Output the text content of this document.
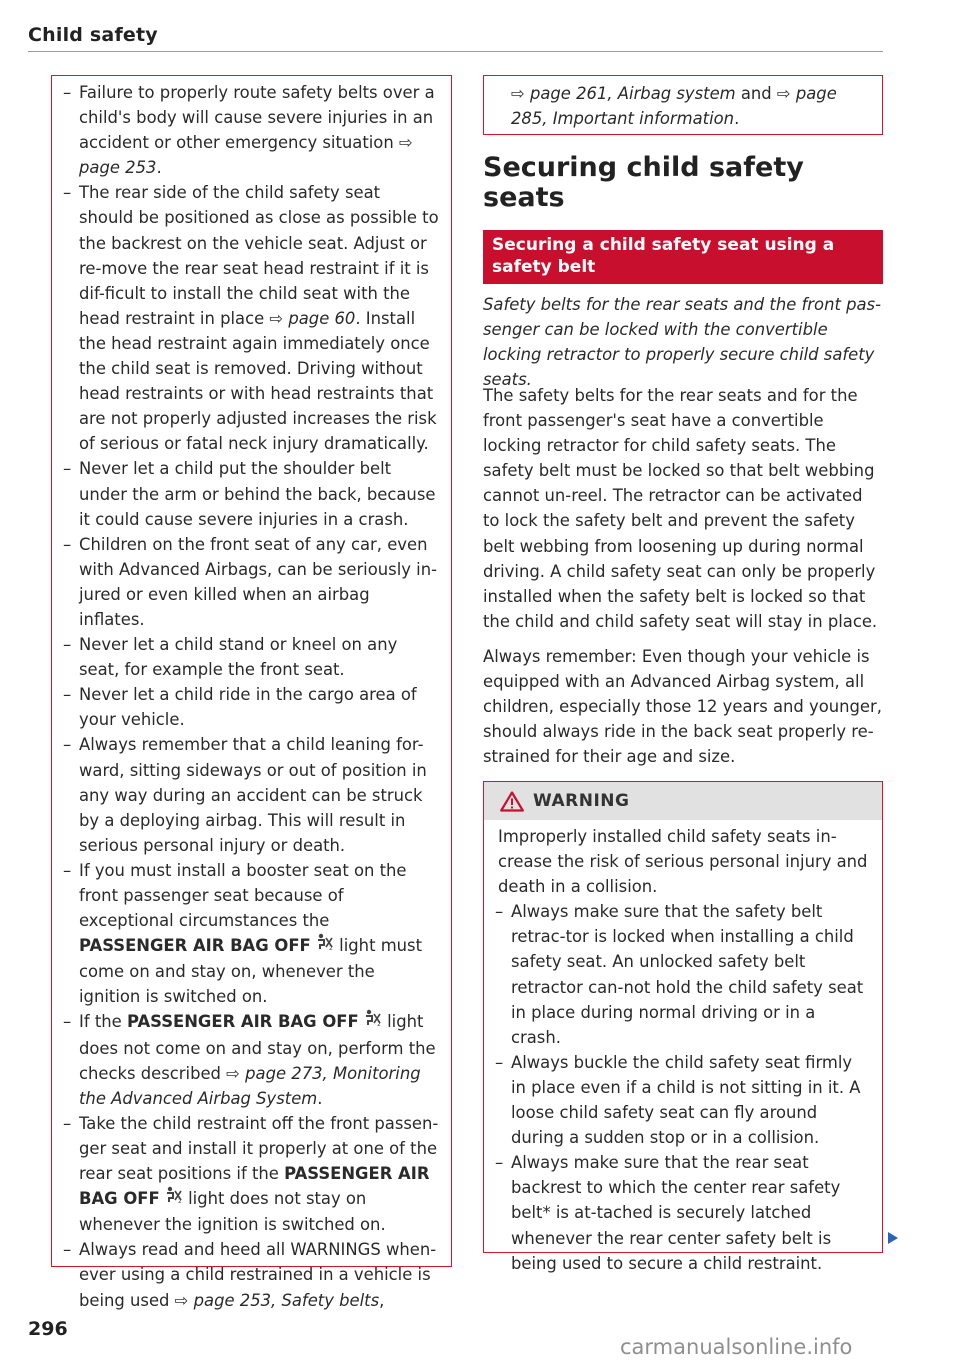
Child safety
– Failure to properly route safety belts over a child's body will cause severe injuries in an accident or other emergency situation ⇨ page 253.
– The rear side of the child safety seat should be positioned as close as possible to the backrest on the vehicle seat. Adjust or re-move the rear seat head restraint if it is dif-ficult to install the child seat with the head restraint in place ⇨ page 60. Install the head restraint again immediately once the child seat is removed. Driving without head restraints or with head restraints that are not properly adjusted increases the risk of serious or fatal neck injury dramatically.
– Never let a child put the shoulder belt under the arm or behind the back, because it could cause severe injuries in a crash.
– Children on the front seat of any car, even with Advanced Airbags, can be seriously in-jured or even killed when an airbag inflates.
– Never let a child stand or kneel on any seat, for example the front seat.
– Never let a child ride in the cargo area of your vehicle.
– Always remember that a child leaning for-ward, sitting sideways or out of position in any way during an accident can be struck by a deploying airbag. This will result in serious personal injury or death.
– If you must install a booster seat on the front passenger seat because of exceptional circumstances the PASSENGER AIR BAG OFF	2 light must come on and stay on, whenever the ignition is switched on.
– If the PASSENGER AIR BAG OFF	2 light does not come on and stay on, perform the checks described ⇨ page 273, Monitoring the Advanced Airbag System.
– Take the child restraint off the front passen-ger seat and install it properly at one of the rear seat positions if the PASSENGER AIR BAG OFF	2 light does not stay on whenever the ignition is switched on.
– Always read and heed all WARNINGS when-ever using a child restrained in a vehicle is being used ⇨ page 253, Safety belts,
⇨ page 261, Airbag system and ⇨ page 285, Important information.
Securing child safety seats
Securing a child safety seat using a safety belt

Safety belts for the rear seats and the front pas-senger can be locked with the convertible locking retractor to properly secure child safety seats.

The safety belts for the rear seats and for the front passenger's seat have a convertible locking retractor for child safety seats. The safety belt must be locked so that belt webbing cannot un-reel. The retractor can be activated to lock the safety belt and prevent the safety belt webbing from loosening up during normal driving. A child safety seat can only be properly installed when the safety belt is locked so that the child and child safety seat will stay in place.

Always remember: Even though your vehicle is equipped with an Advanced Airbag system, all children, especially those 12 years and younger, should always ride in the back seat properly re-strained for their age and size.

WARNING

Improperly installed child safety seats in-crease the risk of serious personal injury and death in a collision.

– Always make sure that the safety belt retrac-tor is locked when installing a child safety seat. An unlocked safety belt retractor can-not hold the child safety seat in place during normal driving or in a crash.
– Always buckle the child safety seat firmly in place even if a child is not sitting in it. A loose child safety seat can fly around during a sudden stop or in a collision.
– Always make sure that the rear seat backrest to which the center rear safety belt* is at-tached is securely latched whenever the rear center safety belt is being used to secure a child restraint.
296
carmanualsonline.info
